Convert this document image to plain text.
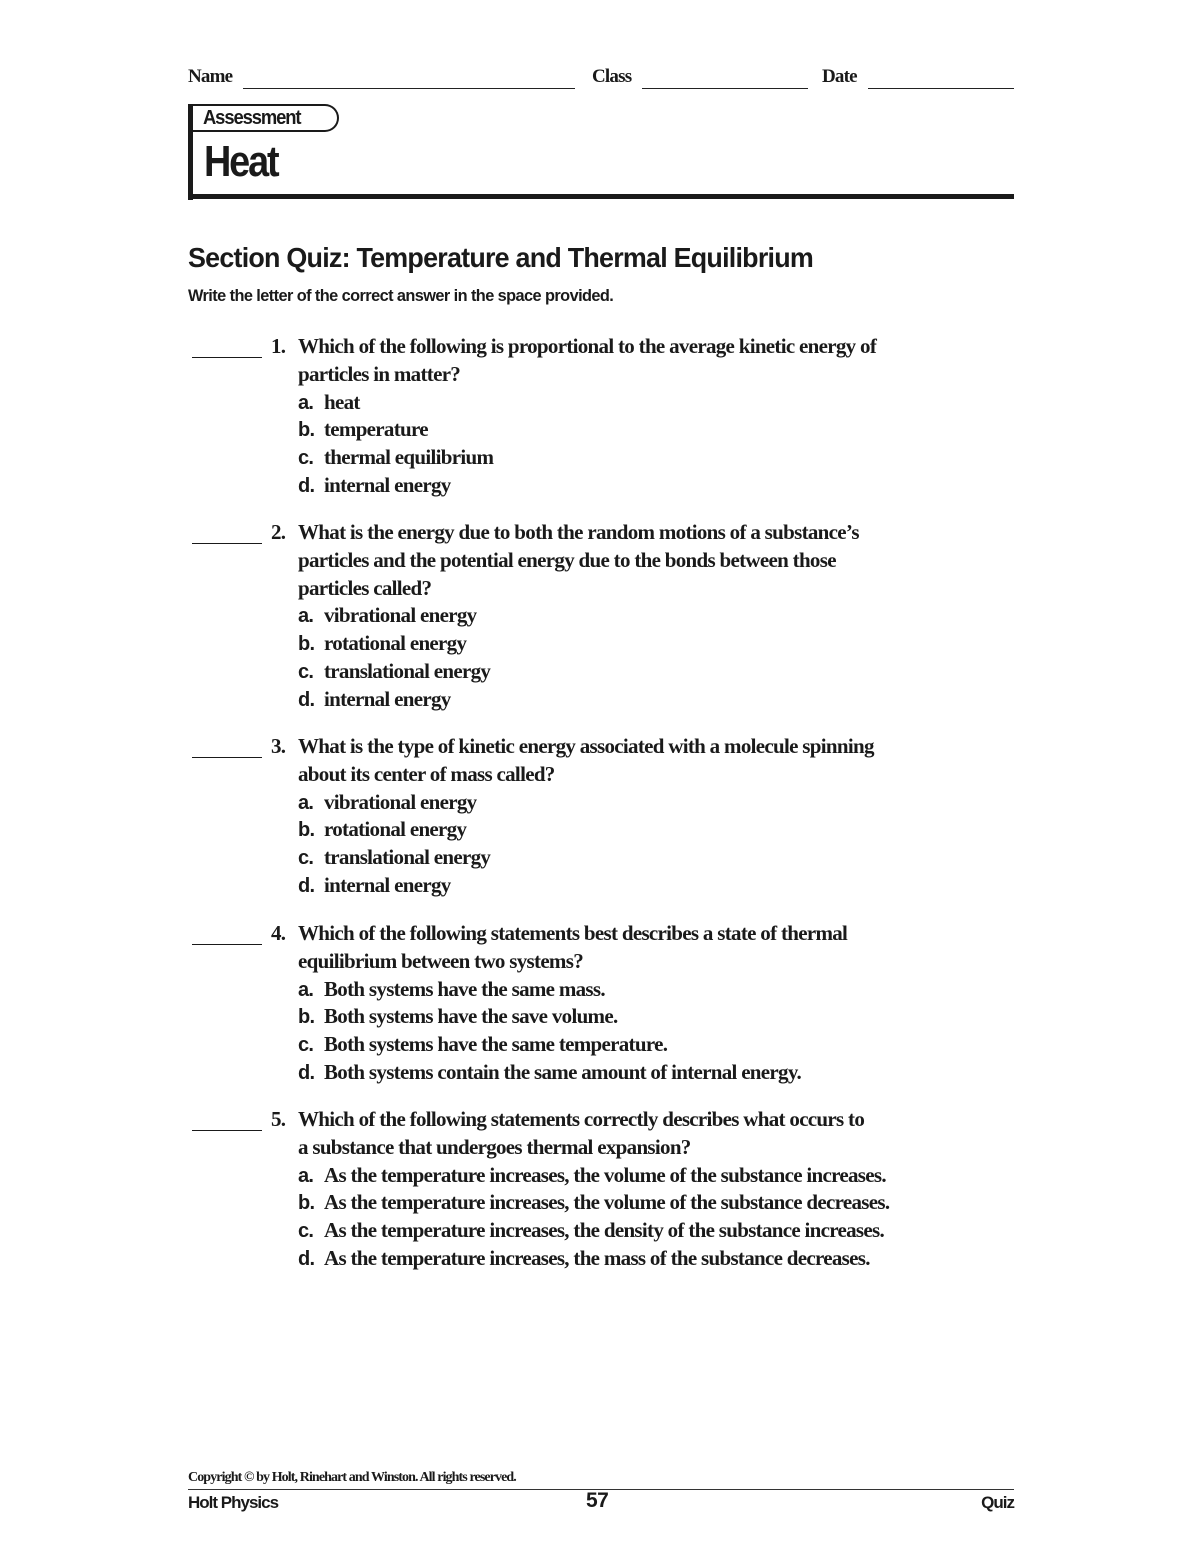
Name	Class	Date
Assessment
Heat
Section Quiz: Temperature and Thermal Equilibrium
Write the letter of the correct answer in the space provided.
1. Which of the following is proportional to the average kinetic energy of
particles in matter?
a. heat
b. temperature
c. thermal equilibrium
d. internal energy
2. What is the energy due to both the random motions of a substance’s
particles and the potential energy due to the bonds between those
particles called?
a. vibrational energy
b. rotational energy
c. translational energy
d. internal energy
3. What is the type of kinetic energy associated with a molecule spinning
about its center of mass called?
a. vibrational energy
b. rotational energy
c. translational energy
d. internal energy
4. Which of the following statements best describes a state of thermal
equilibrium between two systems?
a. Both systems have the same mass.
b. Both systems have the save volume.
c. Both systems have the same temperature.
d. Both systems contain the same amount of internal energy.
5. Which of the following statements correctly describes what occurs to
a substance that undergoes thermal expansion?
a. As the temperature increases, the volume of the substance increases.
b. As the temperature increases, the volume of the substance decreases.
c. As the temperature increases, the density of the substance increases.
d. As the temperature increases, the mass of the substance decreases.
Copyright © by Holt, Rinehart and Winston. All rights reserved.
Holt Physics	57	Quiz
